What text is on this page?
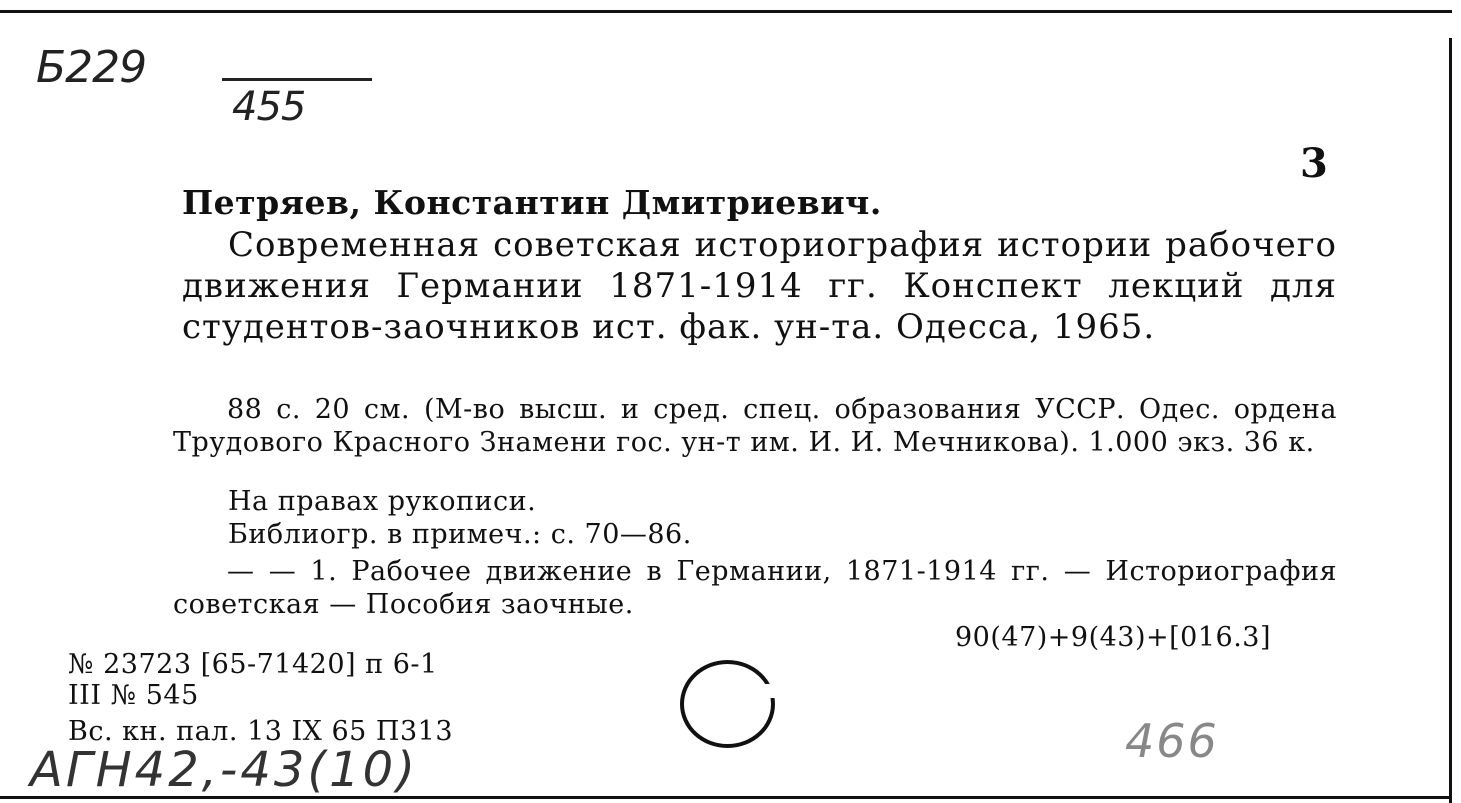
Б229
455
3
Петряев, Константин Дмитриевич.
Современная советская историография истории рабочего движения Германии 1871-1914 гг. Конспект лекций для студентов-заочников ист. фак. ун-та. Одесса, 1965.
88 с. 20 см. (М-во высш. и сред. спец. образования УССР. Одес. ордена Трудового Красного Знамени гос. ун-т им. И. И. Мечникова). 1.000 экз. 36 к.
На правах рукописи.
Библиогр. в примеч.: с. 70—86.
— — 1. Рабочее движение в Германии, 1871-1914 гг. — Историография советская — Пособия заочные.
90(47)+9(43)+[016.3]
№ 23723 [65-71420] п 6-1
III № 545
Вс. кн. пал. 13 IX 65 П313
АГН42,-43(10)
466
